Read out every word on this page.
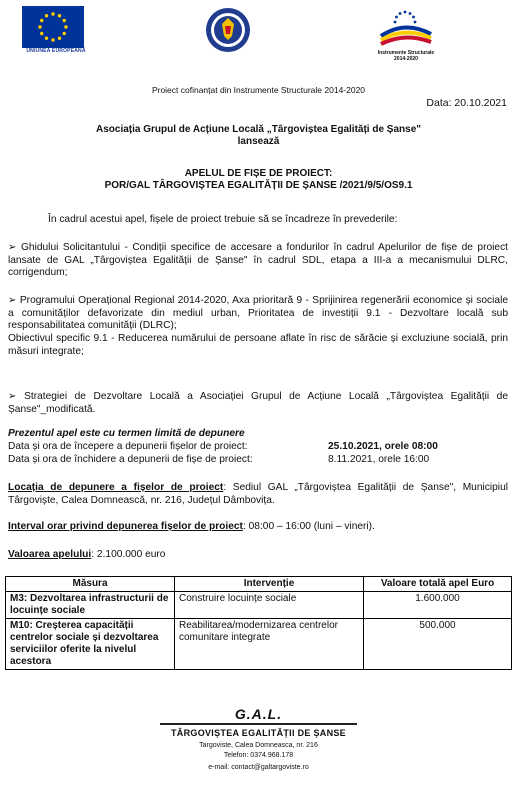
UNIUNEA EUROPEANĂ	Instrumente Structurale
2014-2020
Proiect cofinanțat din Instrumente Structurale 2014-2020
Data: 20.10.2021
Asociația Grupul de Acțiune Locală „Târgoviștea Egalități de Șanse"
lansează
APELUL DE FIȘE DE PROIECT:
POR/GAL TÂRGOVIȘTEA EGALITĂȚII DE ȘANSE /2021/9/5/OS9.1
În cadrul acestui apel, fișele de proiect trebuie să se încadreze în prevederile:
➢ Ghidului Solicitantului - Condiții specifice de accesare a fondurilor în cadrul Apelurilor de fișe de proiect lansate de GAL „Târgoviștea Egalității de Șanse" în cadrul SDL, etapa a III-a a mecanismului DLRC, corrigendum;
➢ Programului Operațional Regional 2014-2020, Axa prioritară 9 - Sprijinirea regenerării economice și sociale a comunităților defavorizate din mediul urban, Prioritatea de investiții 9.1 - Dezvoltare locală sub responsabilitatea comunității (DLRC);
Obiectivul specific 9.1 - Reducerea numărului de persoane aflate în risc de sărăcie și excluziune socială, prin măsuri integrate;
➢ Strategiei de Dezvoltare Locală a Asociației Grupul de Acțiune Locală „Târgoviștea Egalității de Șanse"_modificată.
Prezentul apel este cu termen limită de depunere
Data și ora de începere a depunerii fișelor de proiect:	25.10.2021, orele 08:00
Data și ora de închidere a depunerii de fișe de proiect:	8.11.2021, orele 16:00
Locația de depunere a fișelor de proiect: Sediul GAL „Târgoviștea Egalității de Șanse", Municipiul Târgoviște, Calea Domnească, nr. 216, Județul Dâmbovița.
Interval orar privind depunerea fișelor de proiect: 08:00 – 16:00 (luni – vineri).
Valoarea apelului: 2.100.000 euro
Măsura	Intervenție	Valoare totală apel Euro
M3: Dezvoltarea infrastructurii de locuințe sociale	Construire locuințe sociale	1.600.000
M10: Creșterea capacității centrelor sociale și dezvoltarea serviciilor oferite la nivelul acestora	Reabilitarea/modernizarea centrelor comunitare integrate	500.000
G.A.L.
TÂRGOVIȘTEA EGALITĂȚII DE ȘANSE
Targoviste, Calea Domneasca, nr. 216
Telefon: 0374.968.178
e-mail: contact@galtargoviste.ro
